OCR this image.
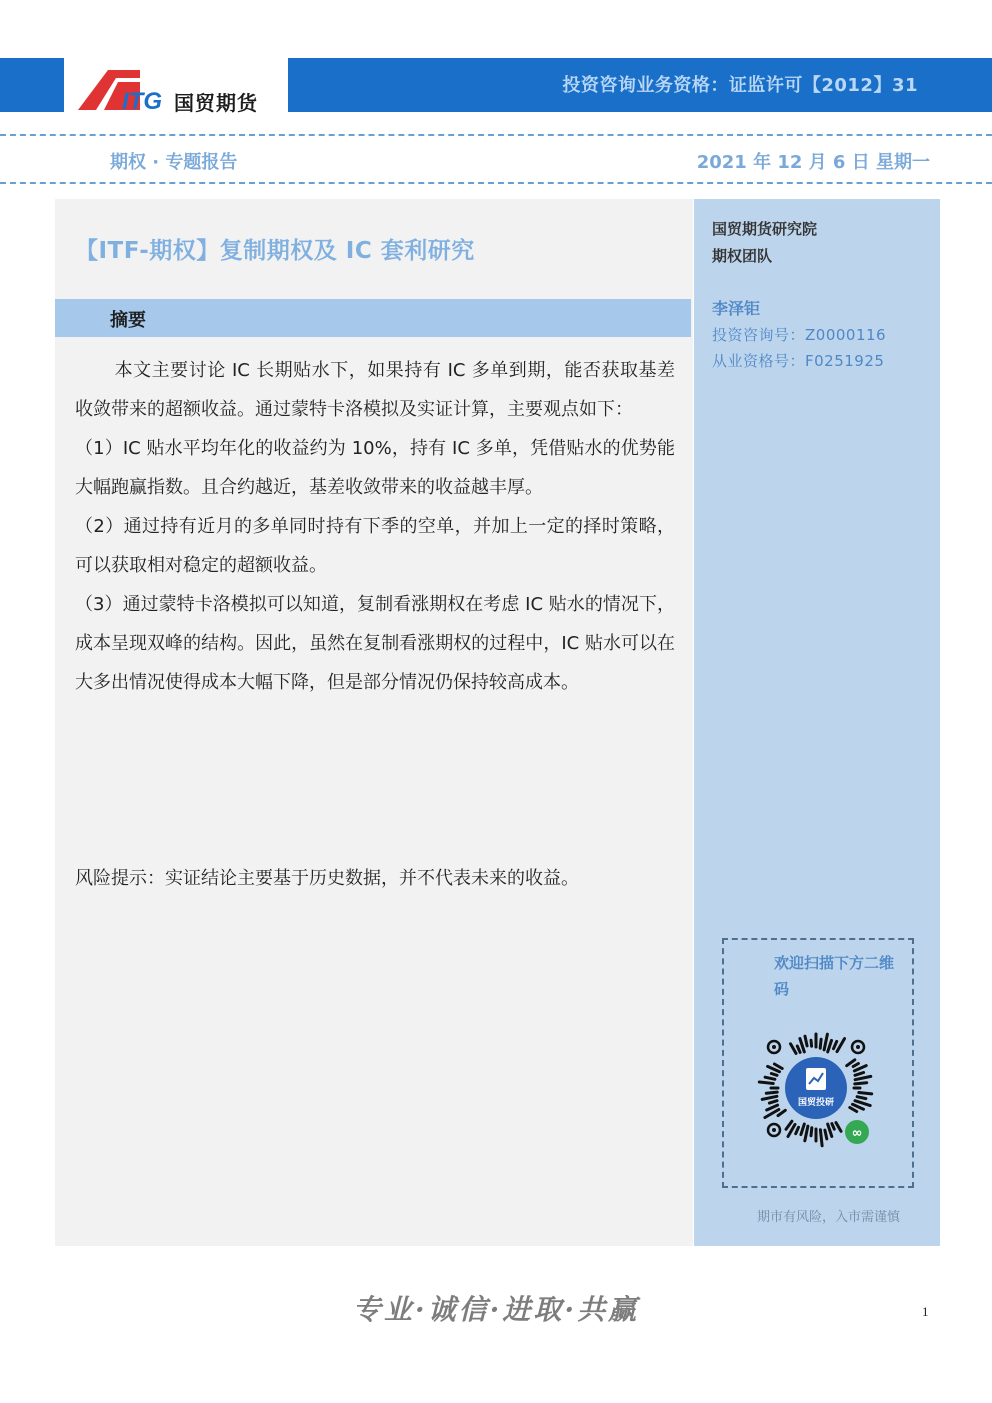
ITG 国贸期货
投资咨询业务资格：证监许可【2012】31
期权 · 专题报告	2021 年 12 月 6 日 星期一
【ITF-期权】复制期权及 IC 套利研究
摘要

本文主要讨论 IC 长期贴水下，如果持有 IC 多单到期，能否获取基差收敛带来的超额收益。通过蒙特卡洛模拟及实证计算，主要观点如下：

（1）IC 贴水平均年化的收益约为 10%，持有 IC 多单，凭借贴水的优势能大幅跑赢指数。且合约越近，基差收敛带来的收益越丰厚。

（2）通过持有近月的多单同时持有下季的空单，并加上一定的择时策略，可以获取相对稳定的超额收益。

（3）通过蒙特卡洛模拟可以知道，复制看涨期权在考虑 IC 贴水的情况下，成本呈现双峰的结构。因此，虽然在复制看涨期权的过程中，IC 贴水可以在大多出情况使得成本大幅下降，但是部分情况仍保持较高成本。

风险提示：实证结论主要基于历史数据，并不代表未来的收益。
国贸期货研究院
期权团队
李泽钜
投资咨询号：Z0000116
从业资格号：F0251925
欢迎扫描下方二维码
国贸投研
∞
期市有风险，入市需谨慎
专业·诚信·进取·共赢	1
